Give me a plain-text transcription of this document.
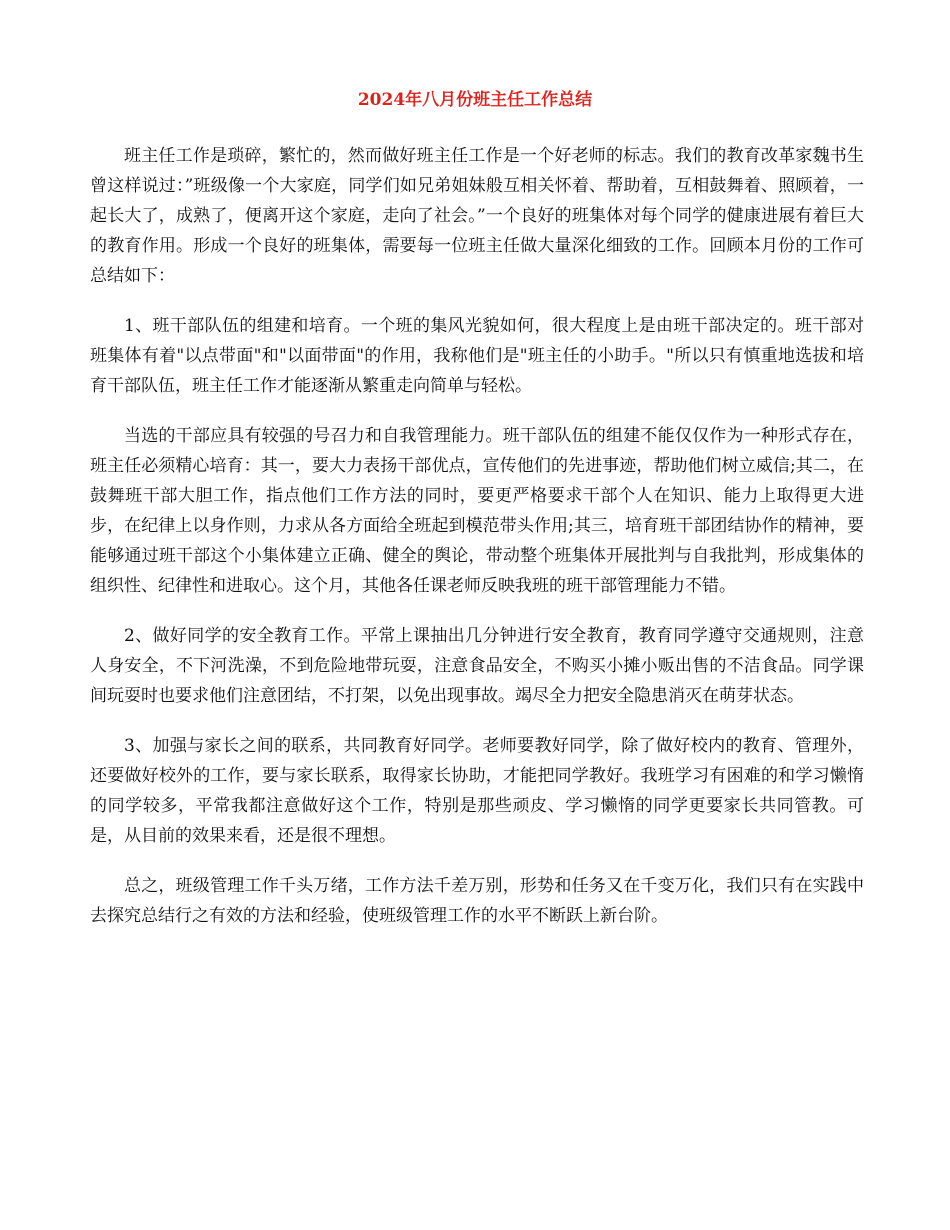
2024年八月份班主任工作总结

班主任工作是琐碎，繁忙的，然而做好班主任工作是一个好老师的标志。我们的教育改革家魏书生曾这样说过：”班级像一个大家庭，同学们如兄弟姐妹般互相关怀着、帮助着，互相鼓舞着、照顾着，一起长大了，成熟了，便离开这个家庭，走向了社会。”一个良好的班集体对每个同学的健康进展有着巨大的教育作用。形成一个良好的班集体，需要每一位班主任做大量深化细致的工作。回顾本月份的工作可总结如下：

1、班干部队伍的组建和培育。一个班的集风光貌如何，很大程度上是由班干部决定的。班干部对班集体有着"以点带面"和"以面带面"的作用，我称他们是"班主任的小助手。"所以只有慎重地选拔和培育干部队伍，班主任工作才能逐渐从繁重走向简单与轻松。

当选的干部应具有较强的号召力和自我管理能力。班干部队伍的组建不能仅仅作为一种形式存在，班主任必须精心培育：其一，要大力表扬干部优点，宣传他们的先进事迹，帮助他们树立威信;其二，在鼓舞班干部大胆工作，指点他们工作方法的同时，要更严格要求干部个人在知识、能力上取得更大进步，在纪律上以身作则，力求从各方面给全班起到模范带头作用;其三，培育班干部团结协作的精神，要能够通过班干部这个小集体建立正确、健全的舆论，带动整个班集体开展批判与自我批判，形成集体的组织性、纪律性和进取心。这个月，其他各任课老师反映我班的班干部管理能力不错。

2、做好同学的安全教育工作。平常上课抽出几分钟进行安全教育，教育同学遵守交通规则，注意人身安全，不下河洗澡，不到危险地带玩耍，注意食品安全，不购买小摊小贩出售的不洁食品。同学课间玩耍时也要求他们注意团结，不打架，以免出现事故。竭尽全力把安全隐患消灭在萌芽状态。

3、加强与家长之间的联系，共同教育好同学。老师要教好同学，除了做好校内的教育、管理外，还要做好校外的工作，要与家长联系，取得家长协助，才能把同学教好。我班学习有困难的和学习懒惰的同学较多，平常我都注意做好这个工作，特别是那些顽皮、学习懒惰的同学更要家长共同管教。可是，从目前的效果来看，还是很不理想。

总之，班级管理工作千头万绪，工作方法千差万别，形势和任务又在千变万化，我们只有在实践中去探究总结行之有效的方法和经验，使班级管理工作的水平不断跃上新台阶。
